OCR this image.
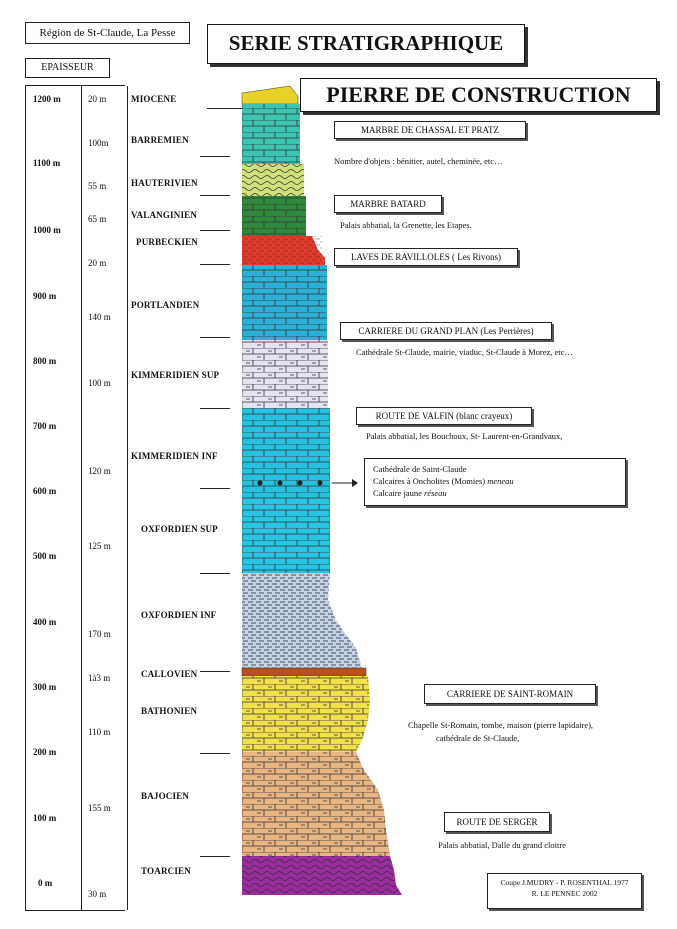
Région de St-Claude, La Pesse	SERIE STRATIGRAPHIQUE
PIERRE DE CONSTRUCTION
EPAISSEUR
1200 m
1100 m
1000 m
900 m
800 m
700 m
600 m
500 m
400 m
300 m
200 m
100 m
0 m
20 m
100m
55 m
65 m
20 m
140 m
100 m
120 m
125 m
170 m
1à3 m
110 m
155 m
30 m
MIOCENE
BARREMIEN
HAUTERIVIEN
VALANGINIEN
PURBECKIEN
PORTLANDIEN
KIMMERIDIEN SUP
KIMMERIDIEN INF
OXFORDIEN SUP
OXFORDIEN INF
CALLOVIEN
BATHONIEN
BAJOCIEN
TOARCIEN
MARBRE DE CHASSAL ET PRATZ
Nombre d'objets : bénitier, autel, cheminée, etc…
MARBRE BATARD
Palais abbatial, la Grenette, les Etapes.
LAVES DE RAVILLOLES ( Les Rivons)
CARRIERE DU GRAND PLAN (Les Perrières)
Cathédrale St-Claude, mairie, viaduc, St-Claude à Morez, etc…
ROUTE DE VALFIN (blanc crayeux)
Palais abbatial, les Bouchoux, St- Laurent-en-Grandvaux,
Cathédrale de Saint-Claude
Calcaires à Oncholites (Momies) meneau
Calcaire jaune réseau
CARRIERE DE SAINT-ROMAIN
Chapelle St-Romain, tombe, maison (pierre lapidaire),
cathédrale de St-Claude,
ROUTE DE SERGER
Palais abbatial, Dalle du grand cloitre
Coupe J.MUDRY - P. ROSENTHAL 1977
R. LE PENNEC 2002
